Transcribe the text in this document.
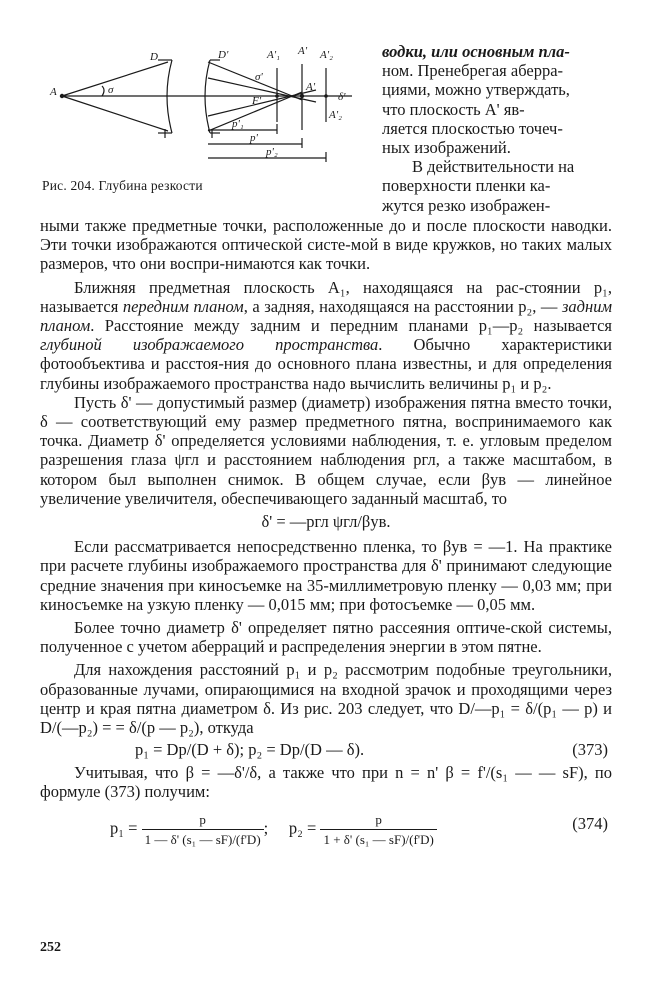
A
D
σ
D'
σ'
F'
A'₁ A' A'₂
A'
δ'
A'₂
p'₁
p'
p'₂
Рис. 204. Глубина резкости

водки, или основным пла-

ном. Пренебрегая аберра-

циями, можно утверждать,

что плоскость A' яв-

ляется плоскостью точеч-

ных изображений.

В действительности на

поверхности пленки ка-

жутся резко изображен-

ными также предметные точки, расположенные до и после плоскости наводки. Эти точки изображаются оптической систе-мой в виде кружков, но таких малых размеров, что они воспри-нимаются как точки.

Ближняя предметная плоскость A₁, находящаяся на рас-стоянии p₁, называется передним планом, а задняя, находящаяся на расстоянии p₂, — задним планом. Расстояние между задним и передним планами p₁—p₂ называется глубиной изображаемого пространства. Обычно характеристики фотообъектива и расстоя-ния до основного плана известны, и для определения глубины изображаемого пространства надо вычислить величины p₁ и p₂.

Пусть δ' — допустимый размер (диаметр) изображения пятна вместо точки, δ — соответствующий ему размер предметного пятна, воспринимаемого как точка. Диаметр δ' определяется условиями наблюдения, т. е. угловым пределом разрешения глаза ψгл и расстоянием наблюдения pгл, а также масштабом, в котором был выполнен снимок. В общем случае, если βув — линейное увеличение увеличителя, обеспечивающего заданный масштаб, то

δ' = —pгл ψгл/βув.

Если рассматривается непосредственно пленка, то βув = —1. На практике при расчете глубины изображаемого пространства для δ' принимают следующие средние значения при киносъемке на 35-миллиметровую пленку — 0,03 мм; при киносъемке на узкую пленку — 0,015 мм; при фотосъемке — 0,05 мм.

Более точно диаметр δ' определяет пятно рассеяния оптиче-ской системы, полученное с учетом аберраций и распределения энергии в этом пятне.

Для нахождения расстояний p₁ и p₂ рассмотрим подобные треугольники, образованные лучами, опирающимися на входной зрачок и проходящими через центр и края пятна диаметром δ. Из рис. 203 следует, что D/—p₁ = δ/(p₁ — p) и D/(—p₂) = = δ/(p — p₂), откуда

p₁ = Dp/(D + δ); p₂ = Dp/(D — δ).	(373)

Учитывая, что β = —δ'/δ, а также что при n = n' β = f'/(s₁ — — sF), по формуле (373) получим:

$p_1 = \frac{p}{\text{1 — δ' (s₁ — sF)/(f'D)}}$ ; $p_2 = \frac{p}{\text{1 + δ' (s₁ — sF)/(f'D)}}$	(374)
252
